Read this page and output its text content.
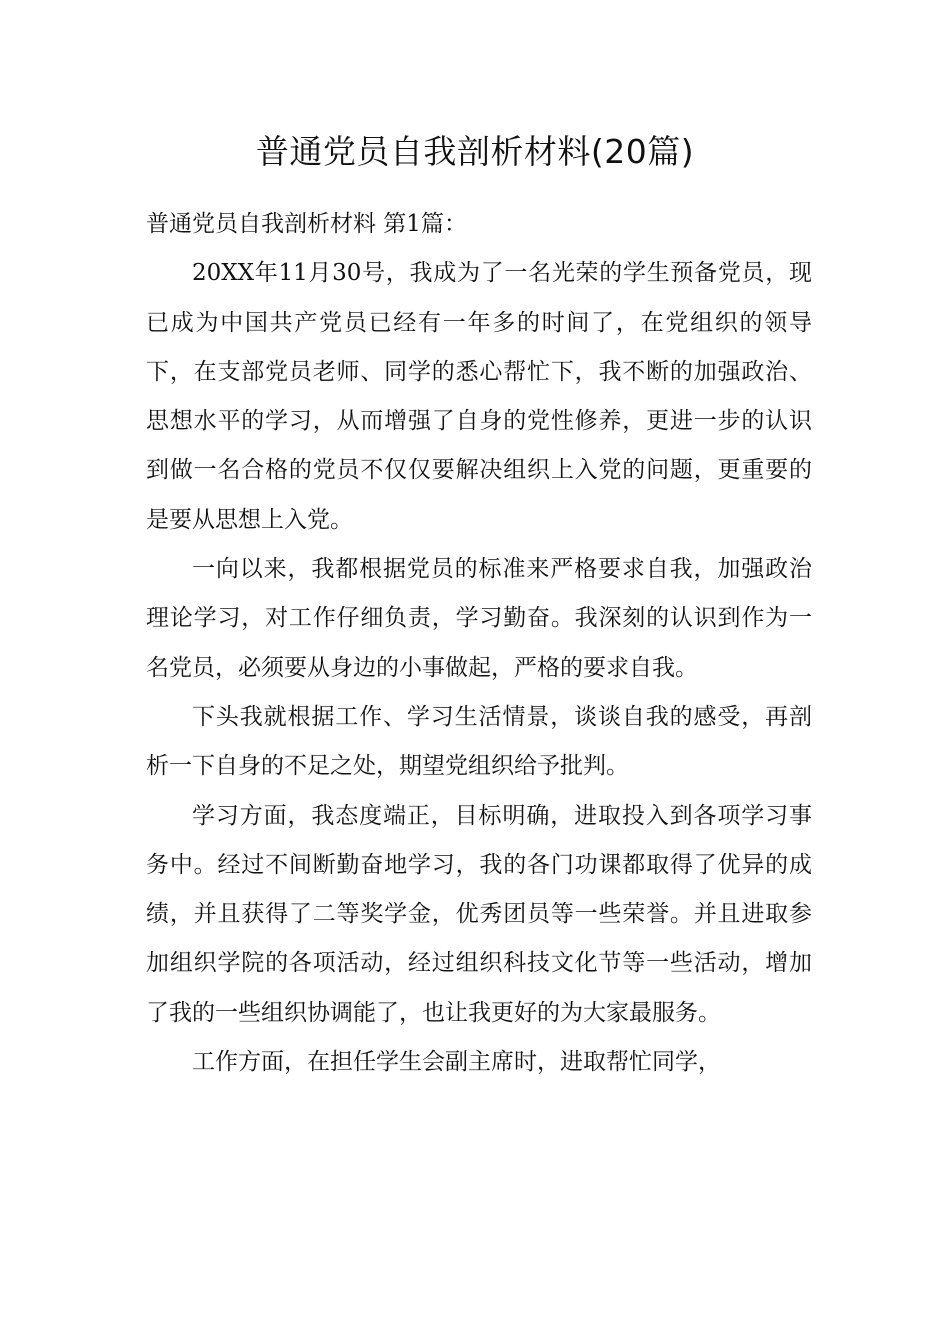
普通党员自我剖析材料(20篇)

普通党员自我剖析材料 第1篇：

20XX年11月30号，我成为了一名光荣的学生预备党员，现已成为中国共产党员已经有一年多的时间了，在党组织的领导下，在支部党员老师、同学的悉心帮忙下，我不断的加强政治、思想水平的学习，从而增强了自身的党性修养，更进一步的认识到做一名合格的党员不仅仅要解决组织上入党的问题，更重要的是要从思想上入党。

一向以来，我都根据党员的标准来严格要求自我，加强政治理论学习，对工作仔细负责，学习勤奋。我深刻的认识到作为一名党员，必须要从身边的小事做起，严格的要求自我。

下头我就根据工作、学习生活情景，谈谈自我的感受，再剖析一下自身的不足之处，期望党组织给予批判。

学习方面，我态度端正，目标明确，进取投入到各项学习事务中。经过不间断勤奋地学习，我的各门功课都取得了优异的成绩，并且获得了二等奖学金，优秀团员等一些荣誉。并且进取参加组织学院的各项活动，经过组织科技文化节等一些活动，增加了我的一些组织协调能了，也让我更好的为大家最服务。

工作方面，在担任学生会副主席时，进取帮忙同学，
